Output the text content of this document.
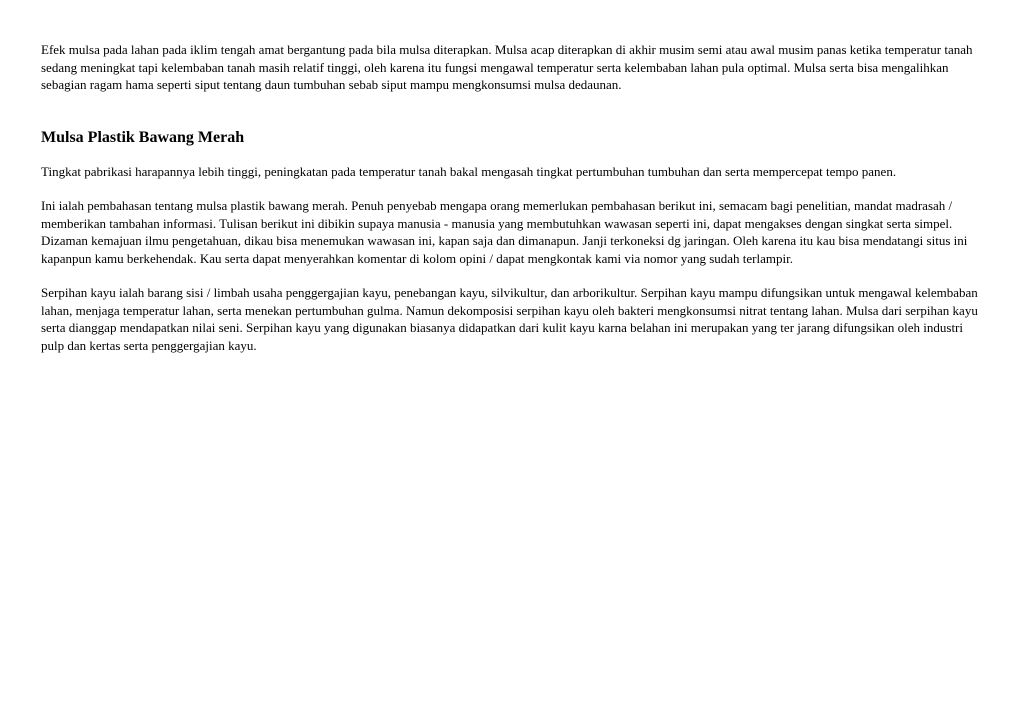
Efek mulsa pada lahan pada iklim tengah amat bergantung pada bila mulsa diterapkan. Mulsa acap diterapkan di akhir musim semi atau awal musim panas ketika temperatur tanah sedang meningkat tapi kelembaban tanah masih relatif tinggi, oleh karena itu fungsi mengawal temperatur serta kelembaban lahan pula optimal. Mulsa serta bisa mengalihkan sebagian ragam hama seperti siput tentang daun tumbuhan sebab siput mampu mengkonsumsi mulsa dedaunan.

Mulsa Plastik Bawang Merah

Tingkat pabrikasi harapannya lebih tinggi, peningkatan pada temperatur tanah bakal mengasah tingkat pertumbuhan tumbuhan dan serta mempercepat tempo panen.

Ini ialah pembahasan tentang mulsa plastik bawang merah. Penuh penyebab mengapa orang memerlukan pembahasan berikut ini, semacam bagi penelitian, mandat madrasah / memberikan tambahan informasi. Tulisan berikut ini dibikin supaya manusia - manusia yang membutuhkan wawasan seperti ini, dapat mengakses dengan singkat serta simpel. Dizaman kemajuan ilmu pengetahuan, dikau bisa menemukan wawasan ini, kapan saja dan dimanapun. Janji terkoneksi dg jaringan. Oleh karena itu kau bisa mendatangi situs ini kapanpun kamu berkehendak. Kau serta dapat menyerahkan komentar di kolom opini / dapat mengkontak kami via nomor yang sudah terlampir.

Serpihan kayu ialah barang sisi / limbah usaha penggergajian kayu, penebangan kayu, silvikultur, dan arborikultur. Serpihan kayu mampu difungsikan untuk mengawal kelembaban lahan, menjaga temperatur lahan, serta menekan pertumbuhan gulma. Namun dekomposisi serpihan kayu oleh bakteri mengkonsumsi nitrat tentang lahan. Mulsa dari serpihan kayu serta dianggap mendapatkan nilai seni. Serpihan kayu yang digunakan biasanya didapatkan dari kulit kayu karna belahan ini merupakan yang ter jarang difungsikan oleh industri pulp dan kertas serta penggergajian kayu.
